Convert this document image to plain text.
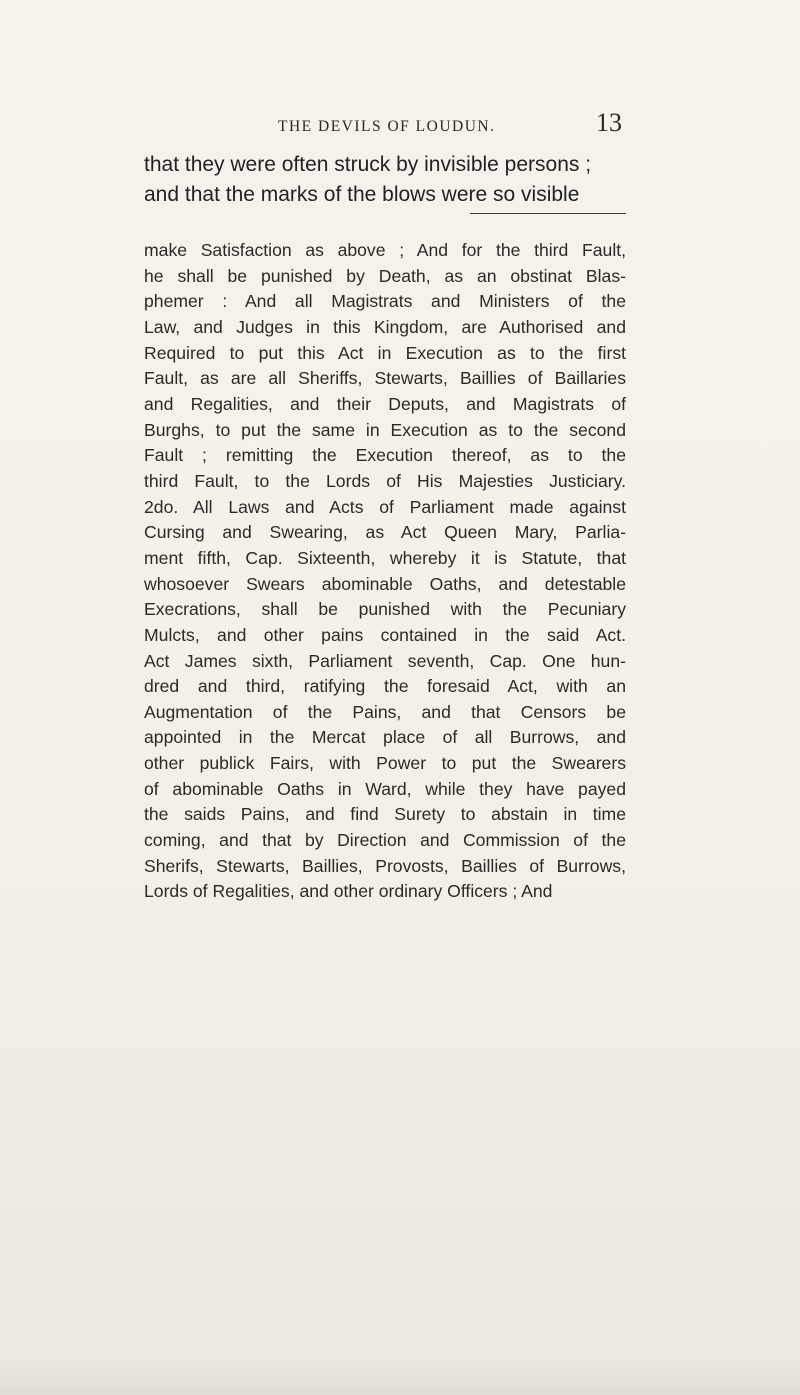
THE DEVILS OF LOUDUN.	13
that they were often struck by invisible persons ;
and that the marks of the blows were so visible
make Satisfaction as above ; And for the third Fault,
he shall be punished by Death, as an obstinat Blas-
phemer : And all Magistrats and Ministers of the
Law, and Judges in this Kingdom, are Authorised and
Required to put this Act in Execution as to the first
Fault, as are all Sheriffs, Stewarts, Baillies of Baillaries
and Regalities, and their Deputs, and Magistrats of
Burghs, to put the same in Execution as to the second
Fault ; remitting the Execution thereof, as to the
third Fault, to the Lords of His Majesties Justiciary.
2do. All Laws and Acts of Parliament made against
Cursing and Swearing, as Act Queen Mary, Parlia-
ment fifth, Cap. Sixteenth, whereby it is Statute, that
whosoever Swears abominable Oaths, and detestable
Execrations, shall be punished with the Pecuniary
Mulcts, and other pains contained in the said Act.
Act James sixth, Parliament seventh, Cap. One hun-
dred and third, ratifying the foresaid Act, with an
Augmentation of the Pains, and that Censors be
appointed in the Mercat place of all Burrows, and
other publick Fairs, with Power to put the Swearers
of abominable Oaths in Ward, while they have payed
the saids Pains, and find Surety to abstain in time
coming, and that by Direction and Commission of the
Sherifs, Stewarts, Baillies, Provosts, Baillies of Burrows,
Lords of Regalities, and other ordinary Officers ; And
